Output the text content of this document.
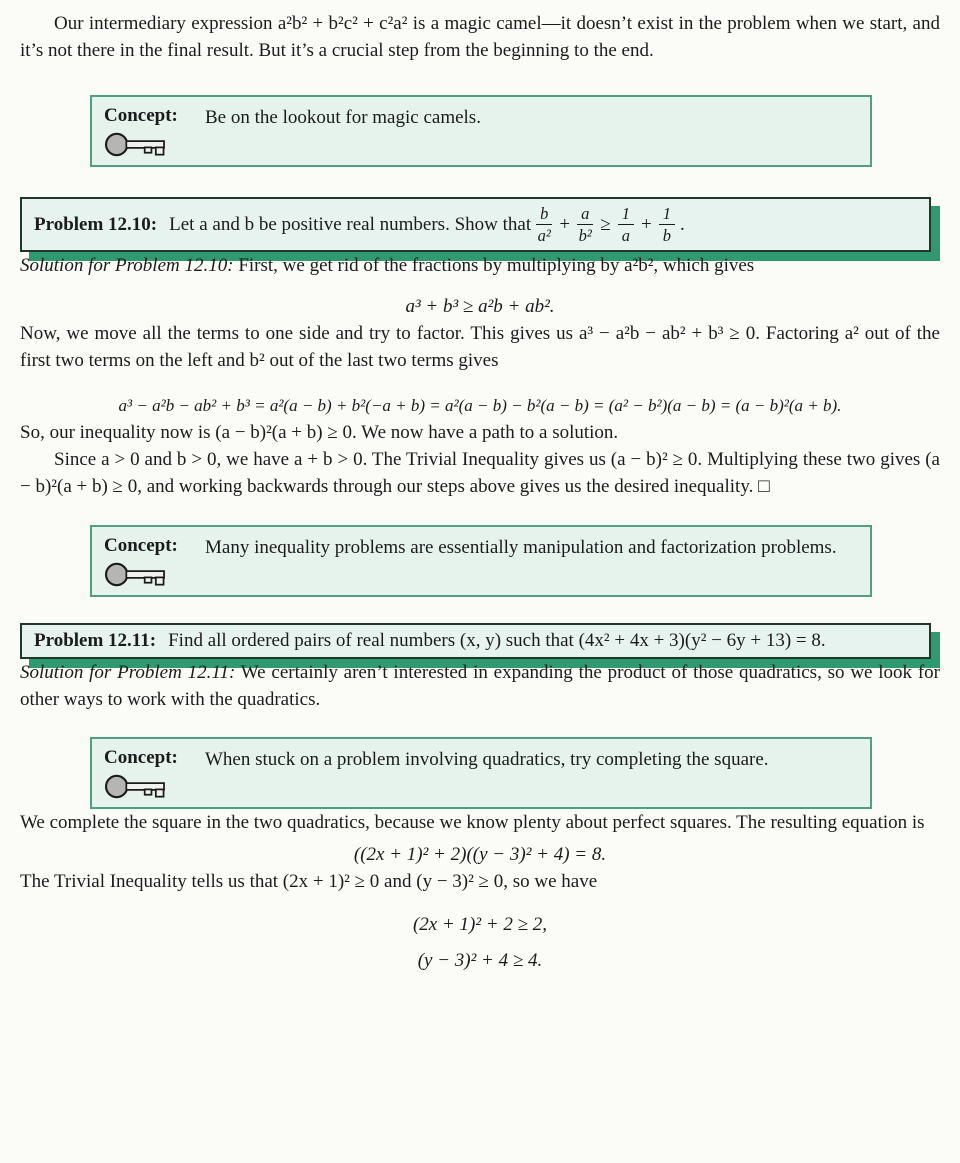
Our intermediary expression a²b² + b²c² + c²a² is a magic camel—it doesn’t exist in the problem when we start, and it’s not there in the final result. But it’s a crucial step from the beginning to the end.

Concept:	Be on the lookout for magic camels.
Problem 12.10: Let a and b be positive real numbers. Show that $\frac{b}{\text{a²}} + \frac{a}{\text{b²}} \ge \frac{1}{a} + \frac{1}{b}$ .

Solution for Problem 12.10: First, we get rid of the fractions by multiplying by a²b², which gives

a³ + b³ ≥ a²b + ab².

Now, we move all the terms to one side and try to factor. This gives us a³ − a²b − ab² + b³ ≥ 0. Factoring a² out of the first two terms on the left and b² out of the last two terms gives

a³ − a²b − ab² + b³ = a²(a − b) + b²(−a + b) = a²(a − b) − b²(a − b) = (a² − b²)(a − b) = (a − b)²(a + b).

So, our inequality now is (a − b)²(a + b) ≥ 0. We now have a path to a solution.

Since a > 0 and b > 0, we have a + b > 0. The Trivial Inequality gives us (a − b)² ≥ 0. Multiplying these two gives (a − b)²(a + b) ≥ 0, and working backwards through our steps above gives us the desired inequality. □

Concept:	Many inequality problems are essentially manipulation and factorization problems.
Problem 12.11: Find all ordered pairs of real numbers (x, y) such that (4x² + 4x + 3)(y² − 6y + 13) = 8.

Solution for Problem 12.11: We certainly aren’t interested in expanding the product of those quadratics, so we look for other ways to work with the quadratics.

Concept:	When stuck on a problem involving quadratics, try completing the square.

We complete the square in the two quadratics, because we know plenty about perfect squares. The resulting equation is

((2x + 1)² + 2)((y − 3)² + 4) = 8.

The Trivial Inequality tells us that (2x + 1)² ≥ 0 and (y − 3)² ≥ 0, so we have

(2x + 1)² + 2 ≥ 2,
(y − 3)² + 4 ≥ 4.
